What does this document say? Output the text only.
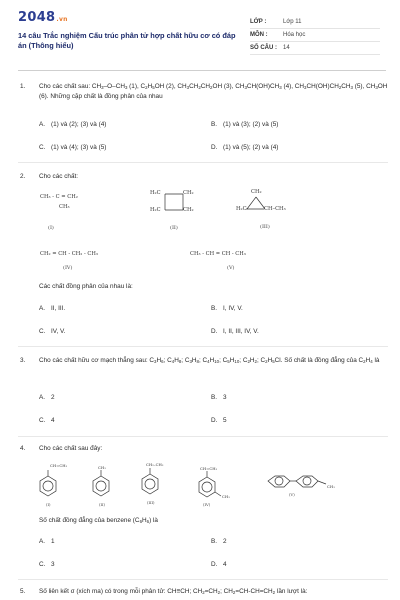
2048.vn
14 câu Trắc nghiệm Cấu trúc phân tử hợp chất hữu cơ có đáp án (Thông hiểu)
LỚP :	Lớp 11
MÔN :	Hóa học
SỐ CÂU :	14
1. Cho các chất sau: $CH_3-O-CH_3$ (1), $C_2H_5OH$ (2), $CH_3CH_2CH_2OH$ (3), $CH_3CH(OH)CH_3$ (4), $CH_3CH(OH)CH_2CH_3$ (5), $CH_3OH$ (6). Những cặp chất là đồng phân của nhau
A. (1) và (2); (3) và (4)	B. (1) và (3); (2) và (5)
C. (1) và (4); (3) và (5)	D. (1) và (5); (2) và (4)
2. Cho các chất:
CH₃ - C = CH₂
CH₃
(I)
H₂C	CH₂
H₂C	CH₂
(II)
CH₂
H₂C	CH–CH₃
(III)
CH₂ = CH - CH₂ - CH₃
(IV)
CH₃ - CH = CH - CH₃
(V)
Các chất đồng phân của nhau là:
A. II, III.	B. I, IV, V.
C. IV, V.	D. I, II, III, IV, V.
3. Cho các chất hữu cơ mạch thẳng sau: $C_3H_6$; $C_4H_8$; $C_3H_8$; $C_4H_{10}$; $C_5H_{10}$; $C_2H_2$; $C_2H_5Cl$. Số chất là đồng đẳng của $C_2H_4$ là
A. 2	B. 3
C. 4	D. 5
4. Cho các chất sau đây:
CH=CH₂	CH₃
CH₂–CH₃
CH=CH₂
CH₃
CH₃
(I)	(II)	(III)	(IV)
(V)
Số chất đồng đẳng của benzene $(C_6H_6)$ là
A. 1	B. 2
C. 3	D. 4
5. Số liên kết σ (xích ma) có trong mỗi phân tử: CH≡CH; $CH_2=CH_2$; $CH_2=CH-CH=CH_2$ lần lượt là:
